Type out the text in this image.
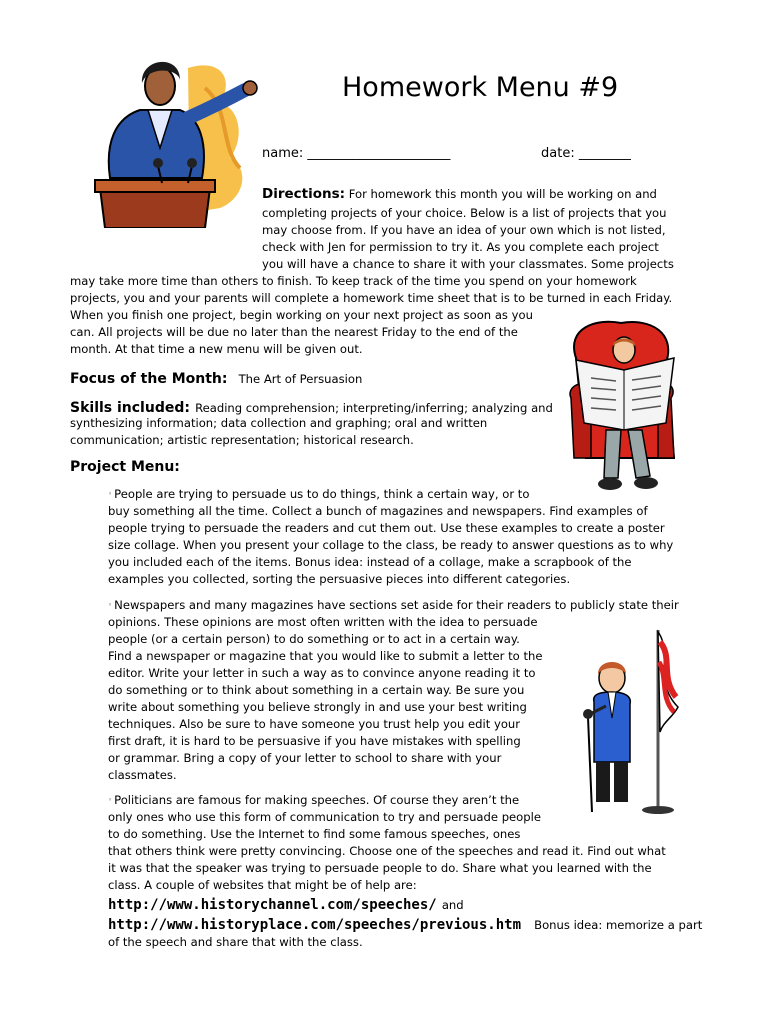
Homework Menu #9
name: ______________________	date: ________
Directions: For homework this month you will be working on and
completing projects of your choice. Below is a list of projects that you
may choose from. If you have an idea of your own which is not listed,
check with Jen for permission to try it. As you complete each project
you will have a chance to share it with your classmates. Some projects
may take more time than others to finish. To keep track of the time you spend on your homework
projects, you and your parents will complete a homework time sheet that is to be turned in each Friday.
When you finish one project, begin working on your next project as soon as you
can. All projects will be due no later than the nearest Friday to the end of the
month. At that time a new menu will be given out.
Focus of the Month: The Art of Persuasion
Skills included: Reading comprehension; interpreting/inferring; analyzing and
synthesizing information; data collection and graphing; oral and written
communication; artistic representation; historical research.
Project Menu:
◦ People are trying to persuade us to do things, think a certain way, or to
buy something all the time. Collect a bunch of magazines and newspapers. Find examples of
people trying to persuade the readers and cut them out. Use these examples to create a poster
size collage. When you present your collage to the class, be ready to answer questions as to why
you included each of the items. Bonus idea: instead of a collage, make a scrapbook of the
examples you collected, sorting the persuasive pieces into different categories.
◦ Newspapers and many magazines have sections set aside for their readers to publicly state their
opinions. These opinions are most often written with the idea to persuade
people (or a certain person) to do something or to act in a certain way.
Find a newspaper or magazine that you would like to submit a letter to the
editor. Write your letter in such a way as to convince anyone reading it to
do something or to think about something in a certain way. Be sure you
write about something you believe strongly in and use your best writing
techniques. Also be sure to have someone you trust help you edit your
first draft, it is hard to be persuasive if you have mistakes with spelling
or grammar. Bring a copy of your letter to school to share with your
classmates.
◦ Politicians are famous for making speeches. Of course they aren’t the
only ones who use this form of communication to try and persuade people
to do something. Use the Internet to find some famous speeches, ones
that others think were pretty convincing. Choose one of the speeches and read it. Find out what
it was that the speaker was trying to persuade people to do. Share what you learned with the
class. A couple of websites that might be of help are:
http://www.historychannel.com/speeches/ and
http://www.historyplace.com/speeches/previous.htm Bonus idea: memorize a part
of the speech and share that with the class.
